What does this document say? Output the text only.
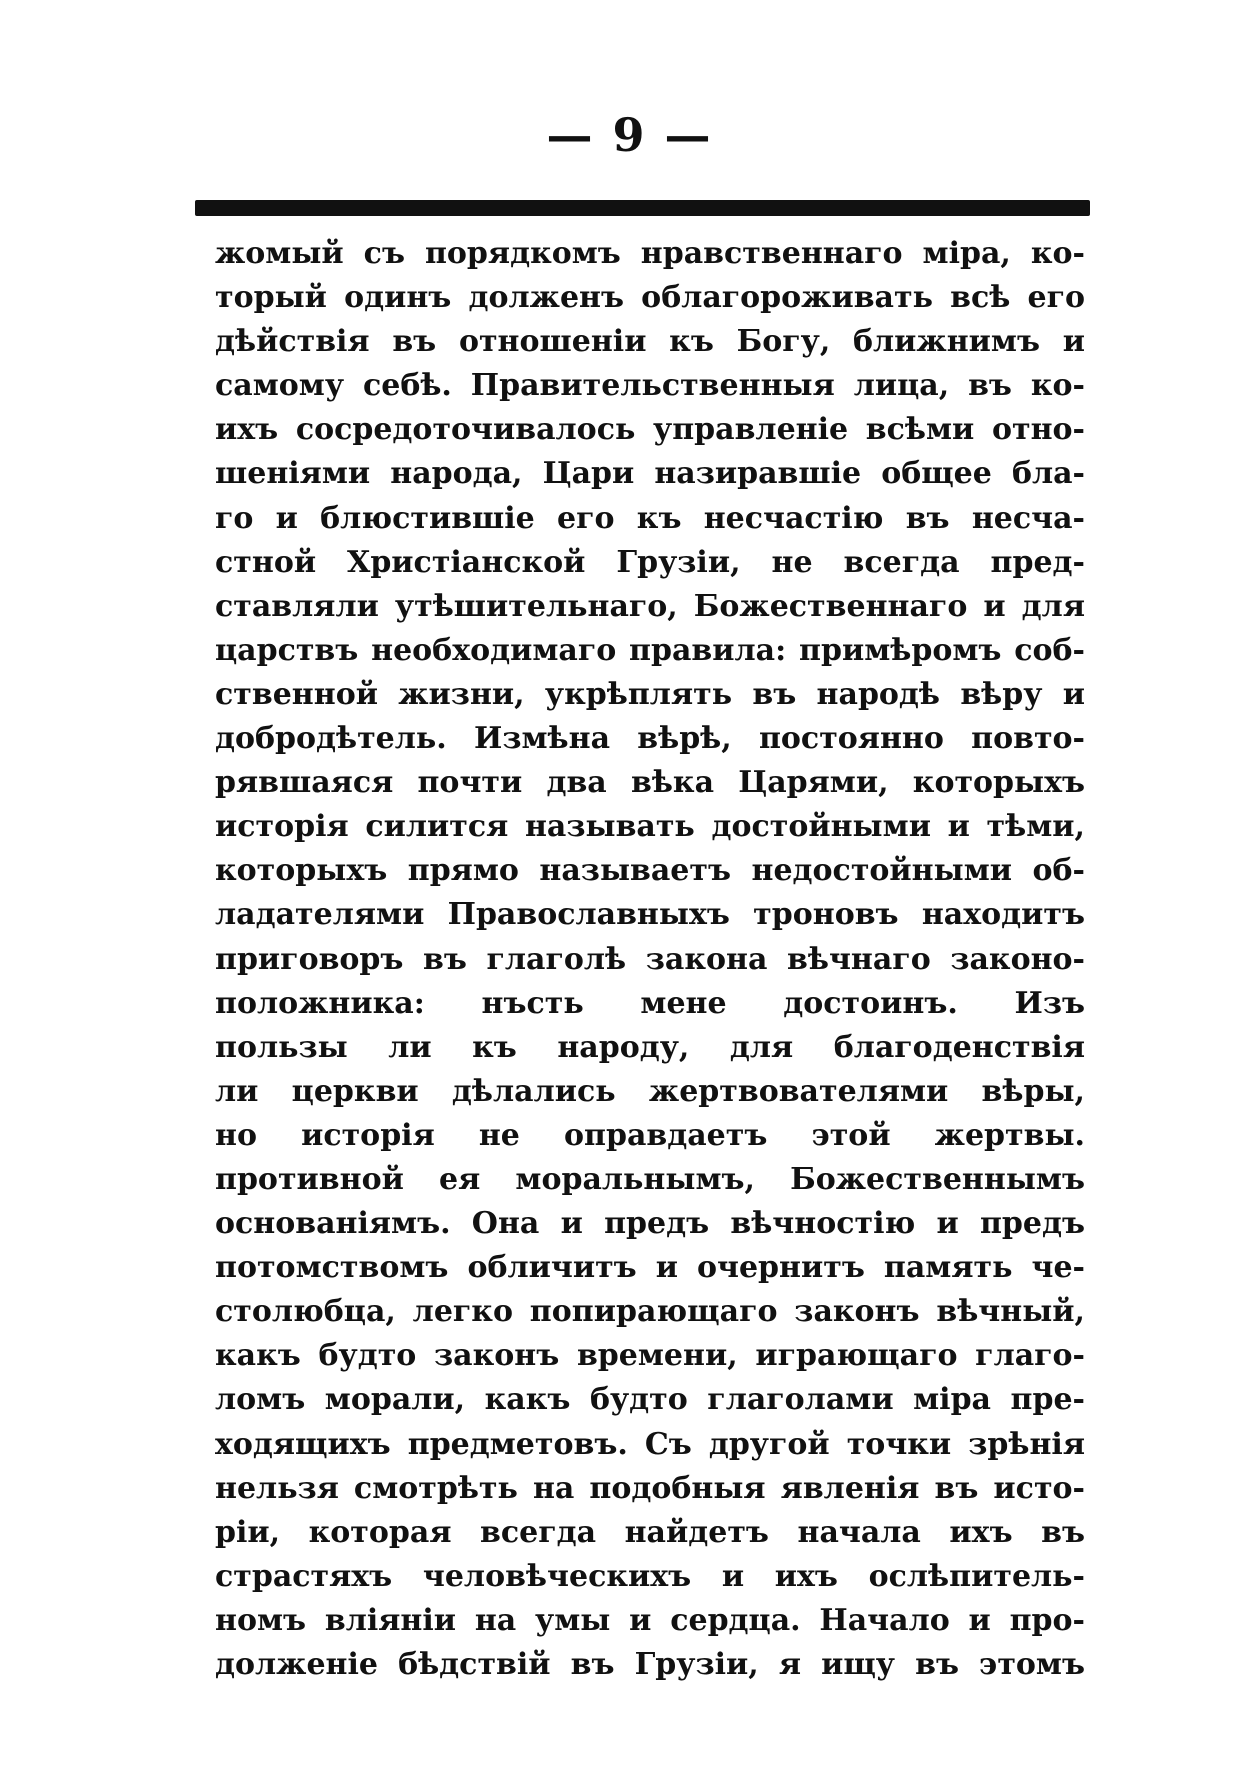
— 9 —
жомый съ порядкомъ нравственнаго міра, ко-
торый одинъ долженъ облагороживать всѣ его
дѣйствія въ отношеніи къ Богу, ближнимъ и
самому себѣ. Правительственныя лица, въ ко-
ихъ сосредоточивалось управленіе всѣми отно-
шеніями народа, Цари назиравшіе общее бла-
го и блюстившіе его къ несчастію въ несча-
стной Христіанской Грузіи, не всегда пред-
ставляли утѣшительнаго, Божественнаго и для
царствъ необходимаго правила: примѣромъ соб-
ственной жизни, укрѣплять въ народѣ вѣру и
добродѣтель. Измѣна вѣрѣ, постоянно повто-
рявшаяся почти два вѣка Царями, которыхъ
исторія силится называть достойными и тѣми,
которыхъ прямо называетъ недостойными об-
ладателями Православныхъ троновъ находитъ
приговоръ въ глаголѣ закона вѣчнаго законо-
положника: нъсть мене достоинъ. Изъ
пользы ли къ народу, для благоденствія
ли церкви дѣлались жертвователями вѣры,
но исторія не оправдаетъ этой жертвы.
противной ея моральнымъ, Божественнымъ
основаніямъ. Она и предъ вѣчностію и предъ
потомствомъ обличитъ и очернитъ память че-
столюбца, легко попирающаго законъ вѣчный,
какъ будто законъ времени, играющаго глаго-
ломъ морали, какъ будто глаголами міра пре-
ходящихъ предметовъ. Съ другой точки зрѣнія
нельзя смотрѣть на подобныя явленія въ исто-
ріи, которая всегда найдетъ начала ихъ въ
страстяхъ человѣческихъ и ихъ ослѣпитель-
номъ вліяніи на умы и сердца. Начало и про-
долженіе бѣдствій въ Грузіи, я ищу въ этомъ
